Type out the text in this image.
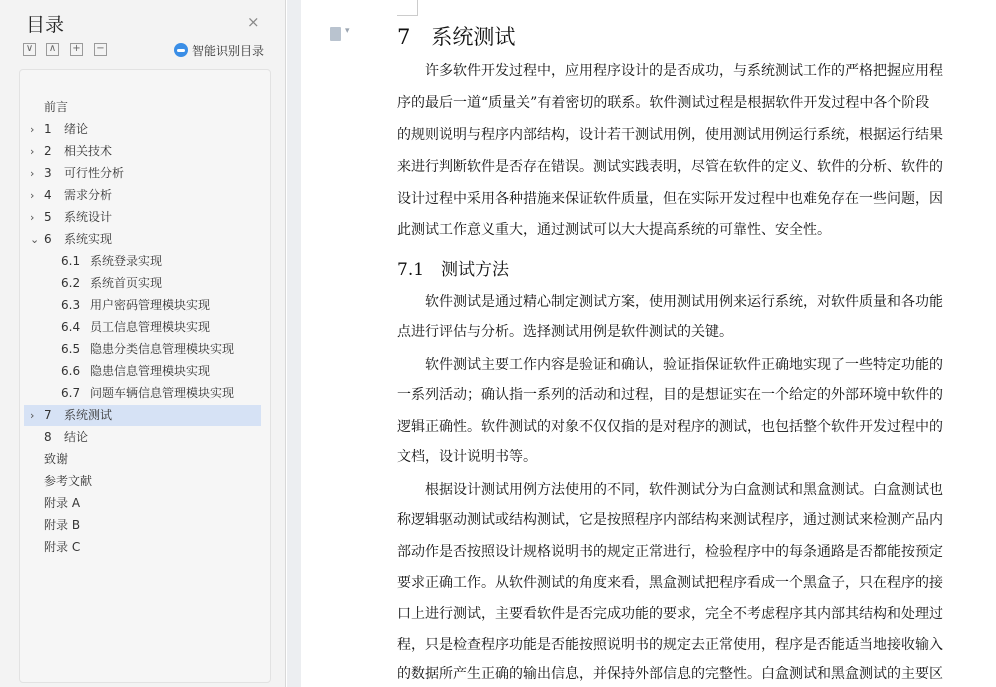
目录	×
∨ ∧ + −	智能识别目录
前言
› 1 绪论
› 2 相关技术
› 3 可行性分析
› 4 需求分析
› 5 系统设计
⌄ 6 系统实现
6.1 系统登录实现
6.2 系统首页实现
6.3 用户密码管理模块实现
6.4 员工信息管理模块实现
6.5 隐患分类信息管理模块实现
6.6 隐患信息管理模块实现
6.7 问题车辆信息管理模块实现
› 7 系统测试
8 结论
致谢
参考文献
附录 A
附录 B
附录 C
▾ 7　系统测试
7.1　测试方法
　　许多软件开发过程中，应用程序设计的是否成功，与系统测试工作的严格把握应用程
序的最后一道“质量关”有着密切的联系。软件测试过程是根据软件开发过程中各个阶段
的规则说明与程序内部结构，设计若干测试用例，使用测试用例运行系统，根据运行结果
来进行判断软件是否存在错误。测试实践表明，尽管在软件的定义、软件的分析、软件的
设计过程中采用各种措施来保证软件质量，但在实际开发过程中也难免存在一些问题，因
此测试工作意义重大，通过测试可以大大提高系统的可靠性、安全性。
　　软件测试是通过精心制定测试方案，使用测试用例来运行系统，对软件质量和各功能
点进行评估与分析。选择测试用例是软件测试的关键。
　　软件测试主要工作内容是验证和确认，验证指保证软件正确地实现了一些特定功能的
一系列活动；确认指一系列的活动和过程，目的是想证实在一个给定的外部环境中软件的
逻辑正确性。软件测试的对象不仅仅指的是对程序的测试，也包括整个软件开发过程中的
文档，设计说明书等。
　　根据设计测试用例方法使用的不同，软件测试分为白盒测试和黑盒测试。白盒测试也
称逻辑驱动测试或结构测试，它是按照程序内部结构来测试程序，通过测试来检测产品内
部动作是否按照设计规格说明书的规定正常进行，检验程序中的每条通路是否都能按预定
要求正确工作。从软件测试的角度来看，黑盒测试把程序看成一个黑盒子，只在程序的接
口上进行测试，主要看软件是否完成功能的要求，完全不考虑程序其内部其结构和处理过
程，只是检查程序功能是否能按照说明书的规定去正常使用，程序是否能适当地接收输入
的数据所产生正确的输出信息，并保持外部信息的完整性。白盒测试和黑盒测试的主要区
